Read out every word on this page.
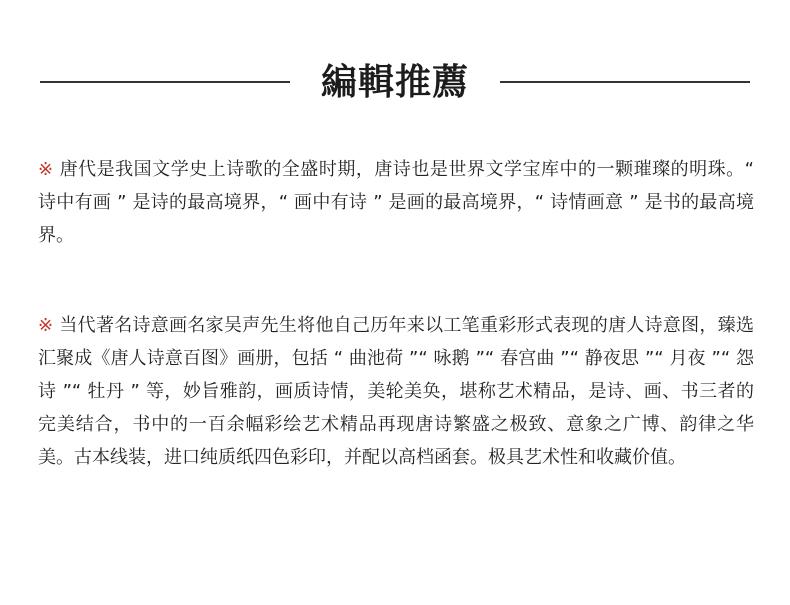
編輯推薦

※ 唐代是我国文学史上诗歌的全盛时期，唐诗也是世界文学宝库中的一颗璀璨的明珠。“ 诗中有画 ” 是诗的最高境界，“ 画中有诗 ” 是画的最高境界，“ 诗情画意 ” 是书的最高境界。

※ 当代著名诗意画名家吴声先生将他自己历年来以工笔重彩形式表现的唐人诗意图，臻选汇聚成《唐人诗意百图》画册，包括 “ 曲池荷 ”“ 咏鹅 ”“ 春宫曲 ”“ 静夜思 ”“ 月夜 ”“ 怨诗 ”“ 牡丹 ” 等，妙旨雅韵，画质诗情，美轮美奂，堪称艺术精品，是诗、画、书三者的完美结合，书中的一百余幅彩绘艺术精品再现唐诗繁盛之极致、意象之广博、韵律之华美。古本线装，进口纯质纸四色彩印，并配以高档函套。极具艺术性和收藏价值。
